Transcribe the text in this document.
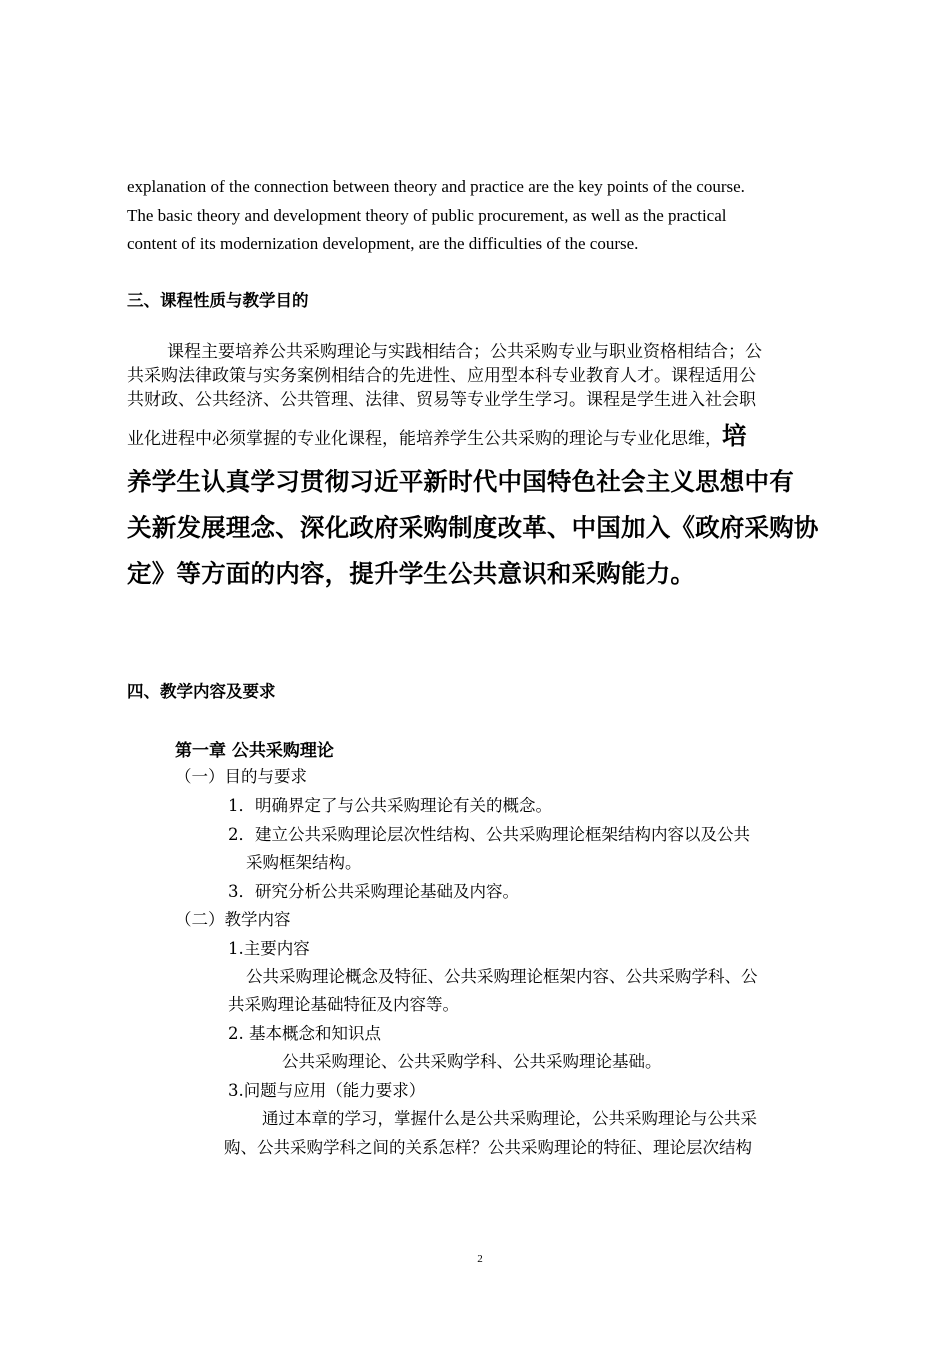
explanation of the connection between theory and practice are the key points of the course.
The basic theory and development theory of public procurement, as well as the practical
content of its modernization development, are the difficulties of the course.
三、课程性质与教学目的
课程主要培养公共采购理论与实践相结合；公共采购专业与职业资格相结合；公
共采购法律政策与实务案例相结合的先进性、应用型本科专业教育人才。课程适用公
共财政、公共经济、公共管理、法律、贸易等专业学生学习。课程是学生进入社会职
业化进程中必须掌握的专业化课程，能培养学生公共采购的理论与专业化思维，培
养学生认真学习贯彻习近平新时代中国特色社会主义思想中有
关新发展理念、深化政府采购制度改革、中国加入《政府采购协
定》等方面的内容，提升学生公共意识和采购能力。
四、教学内容及要求
第一章 公共采购理论
（一）目的与要求
1．明确界定了与公共采购理论有关的概念。
2．建立公共采购理论层次性结构、公共采购理论框架结构内容以及公共
采购框架结构。
3．研究分析公共采购理论基础及内容。
（二）教学内容
1.主要内容
公共采购理论概念及特征、公共采购理论框架内容、公共采购学科、公
共采购理论基础特征及内容等。
2. 基本概念和知识点
公共采购理论、公共采购学科、公共采购理论基础。
3.问题与应用（能力要求）
通过本章的学习，掌握什么是公共采购理论，公共采购理论与公共采
购、公共采购学科之间的关系怎样？公共采购理论的特征、理论层次结构
2
